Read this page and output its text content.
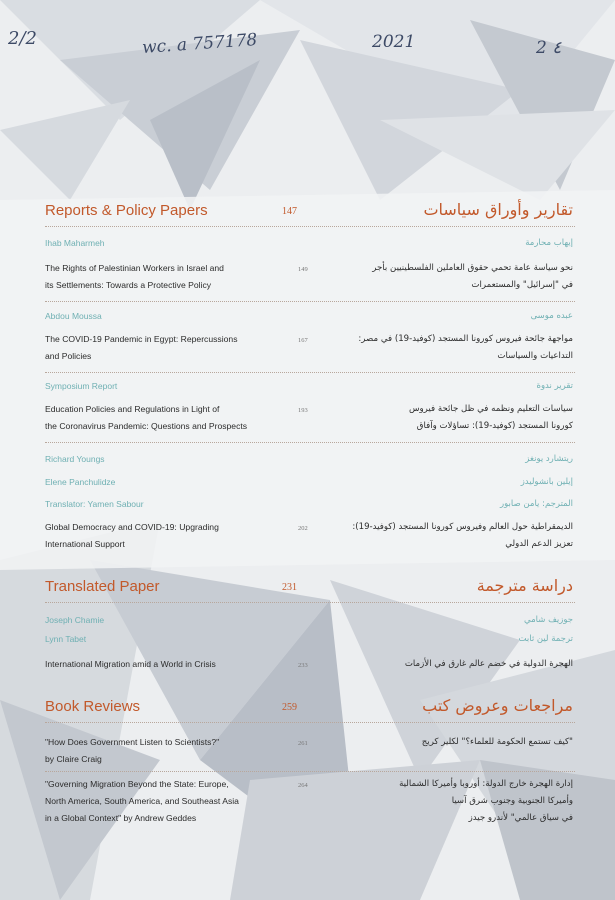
2/2	wc. a 757178	2021	2 ٤
Reports & Policy Papers	147	تقارير وأوراق سياسات
Ihab Maharmeh	إيهاب محارمة
The Rights of Palestinian Workers in Israel and
its Settlements: Towards a Protective Policy
149	نحو سياسة عامة تحمي حقوق العاملين الفلسطينيين بأجر
في "إسرائيل" والمستعمرات
Abdou Moussa	عبده موسى
The COVID-19 Pandemic in Egypt: Repercussions
and Policies
167	مواجهة جائحة فيروس كورونا المستجد (كوفيد-19) في مصر:
التداعيات والسياسات
Symposium Report	تقرير ندوة
Education Policies and Regulations in Light of
the Coronavirus Pandemic: Questions and Prospects
193	سياسات التعليم ونظمه في ظل جائحة فيروس
كورونا المستجد (كوفيد-19): تساؤلات وآفاق
Richard Youngs	ريتشارد يونغز
Elene Panchulidze	إيلين بانشوليدز
Translator: Yamen Sabour	المترجم: يامن صابور
Global Democracy and COVID-19: Upgrading
International Support
202	الديمقراطية حول العالم وفيروس كورونا المستجد (كوفيد-19):
تعزيز الدعم الدولي
Translated Paper	231	دراسة مترجمة
Joseph Chamie	جوزيف شامي
Lynn Tabet	ترجمة لين ثابت
International Migration amid a World in Crisis	233	الهجرة الدولية في خضم عالم غارق في الأزمات
Book Reviews	259	مراجعات وعروض كتب
"How Does Government Listen to Scientists?"
by Claire Craig
261	"كيف تستمع الحكومة للعلماء؟" لكلير كريج
"Governing Migration Beyond the State: Europe,
North America, South America, and Southeast Asia
in a Global Context" by Andrew Geddes
264	إدارة الهجرة خارج الدولة: أوروبا وأميركا الشمالية
وأميركا الجنوبية وجنوب شرق آسيا
في سياق عالمي" لأندرو جيدز
